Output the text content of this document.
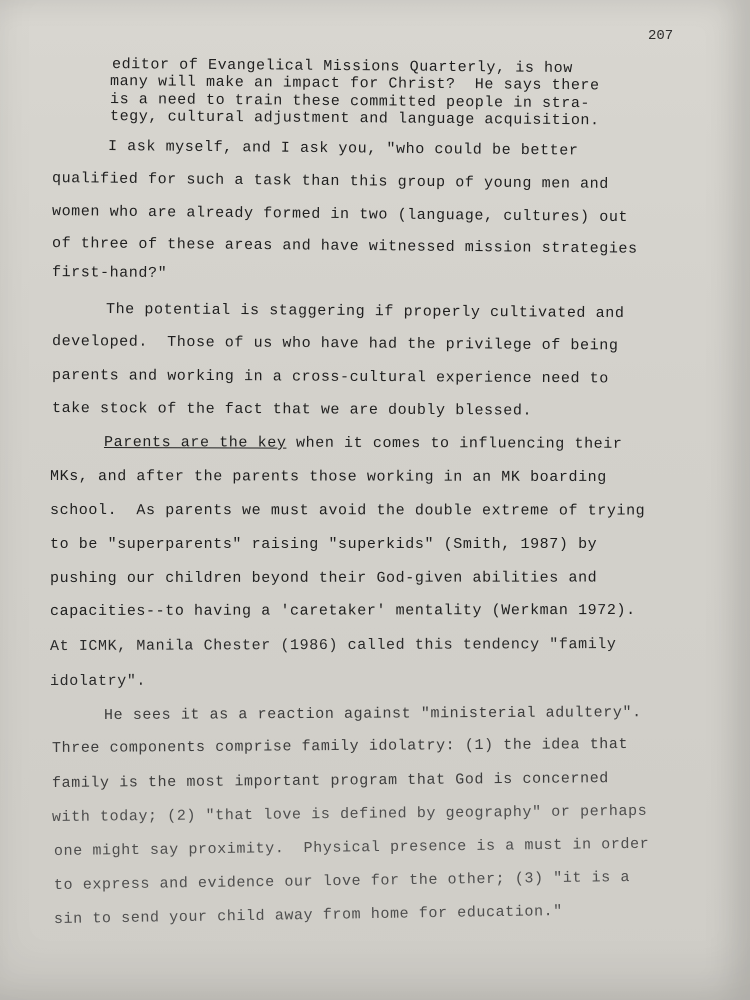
207
editor of Evangelical Missions Quarterly, is how
many will make an impact for Christ?  He says there
is a need to train these committed people in stra-
tegy, cultural adjustment and language acquisition.
I ask myself, and I ask you, "who could be better
qualified for such a task than this group of young men and
women who are already formed in two (language, cultures) out
of three of these areas and have witnessed mission strategies
first-hand?"
The potential is staggering if properly cultivated and
developed.  Those of us who have had the privilege of being
parents and working in a cross-cultural experience need to
take stock of the fact that we are doubly blessed.
Parents are the key when it comes to influencing their
MKs, and after the parents those working in an MK boarding
school.  As parents we must avoid the double extreme of trying
to be "superparents" raising "superkids" (Smith, 1987) by
pushing our children beyond their God-given abilities and
capacities--to having a 'caretaker' mentality (Werkman 1972).
At ICMK, Manila Chester (1986) called this tendency "family
idolatry".
He sees it as a reaction against "ministerial adultery".
Three components comprise family idolatry: (1) the idea that
family is the most important program that God is concerned
with today; (2) "that love is defined by geography" or perhaps
one might say proximity.  Physical presence is a must in order
to express and evidence our love for the other; (3) "it is a
sin to send your child away from home for education."
